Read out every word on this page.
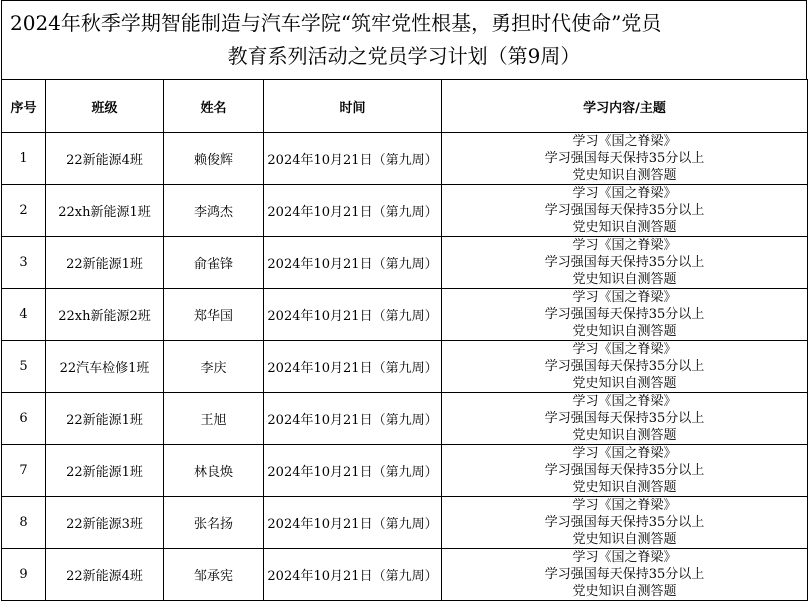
2024年秋季学期智能制造与汽车学院“筑牢党性根基，勇担时代使命”党员
教育系列活动之党员学习计划（第9周）
序号	班级	姓名	时间	学习内容/主题
1	22新能源4班	赖俊辉	2024年10月21日（第九周）	学习《国之脊梁》
学习强国每天保持35分以上
党史知识自测答题

2	22xh新能源1班	李鸿杰	2024年10月21日（第九周）	学习《国之脊梁》
学习强国每天保持35分以上
党史知识自测答题

3	22新能源1班	俞雀锋	2024年10月21日（第九周）	学习《国之脊梁》
学习强国每天保持35分以上
党史知识自测答题

4	22xh新能源2班	郑华国	2024年10月21日（第九周）	学习《国之脊梁》
学习强国每天保持35分以上
党史知识自测答题

5	22汽车检修1班	李庆	2024年10月21日（第九周）	学习《国之脊梁》
学习强国每天保持35分以上
党史知识自测答题

6	22新能源1班	王旭	2024年10月21日（第九周）	学习《国之脊梁》
学习强国每天保持35分以上
党史知识自测答题

7	22新能源1班	林良焕	2024年10月21日（第九周）	学习《国之脊梁》
学习强国每天保持35分以上
党史知识自测答题

8	22新能源3班	张名扬	2024年10月21日（第九周）	学习《国之脊梁》
学习强国每天保持35分以上
党史知识自测答题

9	22新能源4班	邹承宪	2024年10月21日（第九周）	学习《国之脊梁》
学习强国每天保持35分以上
党史知识自测答题
